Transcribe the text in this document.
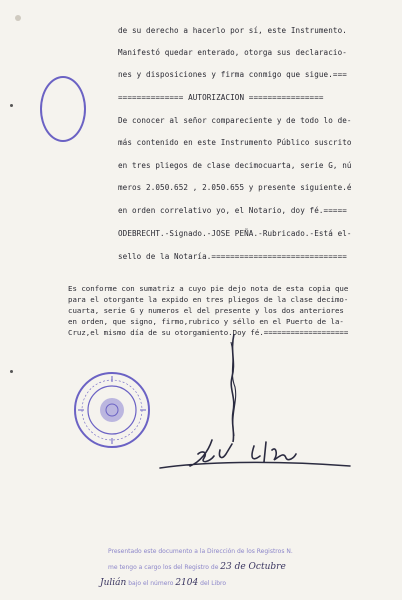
de su derecho a hacerlo por sí, este Instrumento.
Manifestó quedar enterado, otorga sus declaracio-
nes y disposiciones y firma conmigo que sigue.===
============== AUTORIZACION ================
De conocer al señor compareciente y de todo lo de-
más contenido en este Instrumento Público suscrito
en tres pliegos de clase decimocuarta, serie G, nú
meros 2.050.652 , 2.050.655 y presente siguiente.é
en orden correlativo yo, el Notario, doy fé.=====
ODEBRECHT.-Signado.-JOSE PEÑA.-Rubricado.-Está el-
sello de la Notaría.=============================
Es conforme con sumatriz a cuyo pie dejo nota de esta copia que
para el otorgante la expido en tres pliegos de la clase decimo-
cuarta, serie G y numeros el del presente y los dos anteriores
en orden, que signo, firmo,rubrico y séllo en el Puerto de la-
Cruz,el mismo día de su otorgamiento.Doy fé.===================
Presentado este documento a la Dirección de los Registros N.
me tengo a cargo los del Registro de 23 de Octubre
Julián bajo el número 2104 del Libro
